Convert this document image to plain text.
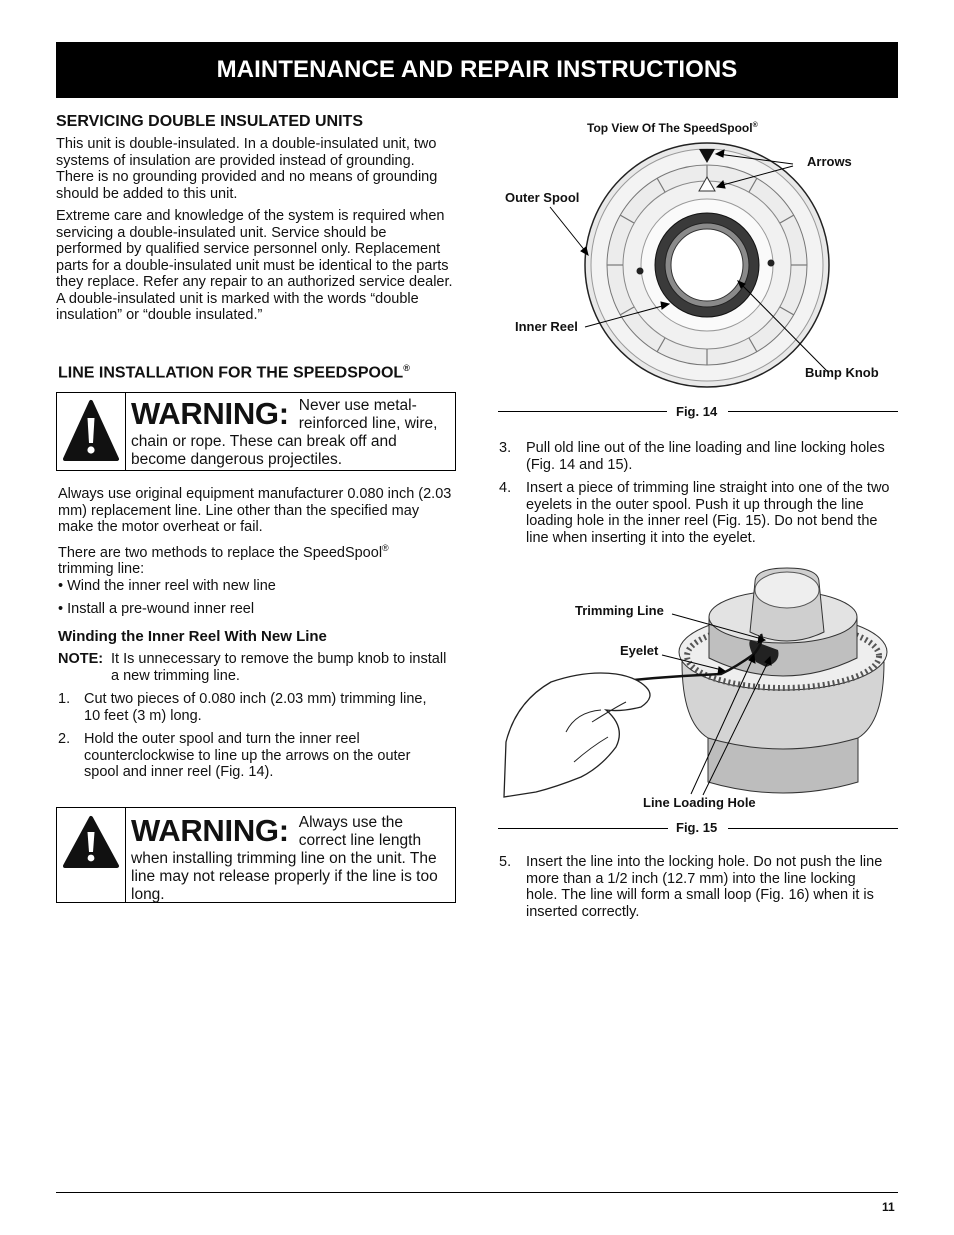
MAINTENANCE AND REPAIR INSTRUCTIONS
SERVICING DOUBLE INSULATED UNITS
This unit is double-insulated. In a double-insulated unit, two systems of insulation are provided instead of grounding. There is no grounding provided and no means of grounding should be added to this unit.
Extreme care and knowledge of the system is required when servicing a double-insulated unit. Service should be performed by qualified service personnel only. Replacement parts for a double-insulated unit must be identical to the parts they replace. Refer any repair to an authorized service dealer. A double-insulated unit is marked with the words “double insulation” or “double insulated.”
LINE INSTALLATION FOR THE SPEEDSPOOL®
WARNING: Never use metal-reinforced line, wire, chain or rope. These can break off and become dangerous projectiles.
Always use original equipment manufacturer 0.080 inch (2.03 mm) replacement line. Line other than the specified may make the motor overheat or fail.
There are two methods to replace the SpeedSpool® trimming line:
• Wind the inner reel with new line
• Install a pre-wound inner reel
Winding the Inner Reel With New Line
NOTE: It Is unnecessary to remove the bump knob to install a new trimming line.
1. Cut two pieces of 0.080 inch (2.03 mm) trimming line, 10 feet (3 m) long.
2. Hold the outer spool and turn the inner reel counterclockwise to line up the arrows on the outer spool and inner reel (Fig. 14).
WARNING: Always use the correct line length when installing trimming line on the unit. The line may not release properly if the line is too long.
Top View Of The SpeedSpool®
Arrows
Outer Spool
Inner Reel
Bump Knob
Fig. 14
3. Pull old line out of the line loading and line locking holes (Fig. 14 and 15).
4. Insert a piece of trimming line straight into one of the two eyelets in the outer spool. Push it up through the line loading hole in the inner reel (Fig. 15). Do not bend the line when inserting it into the eyelet.
Trimming Line
Eyelet
Line Loading Hole
Fig. 15
5. Insert the line into the locking hole. Do not push the line more than a 1/2 inch (12.7 mm) into the line locking hole. The line will form a small loop (Fig. 16) when it is inserted correctly.
11
